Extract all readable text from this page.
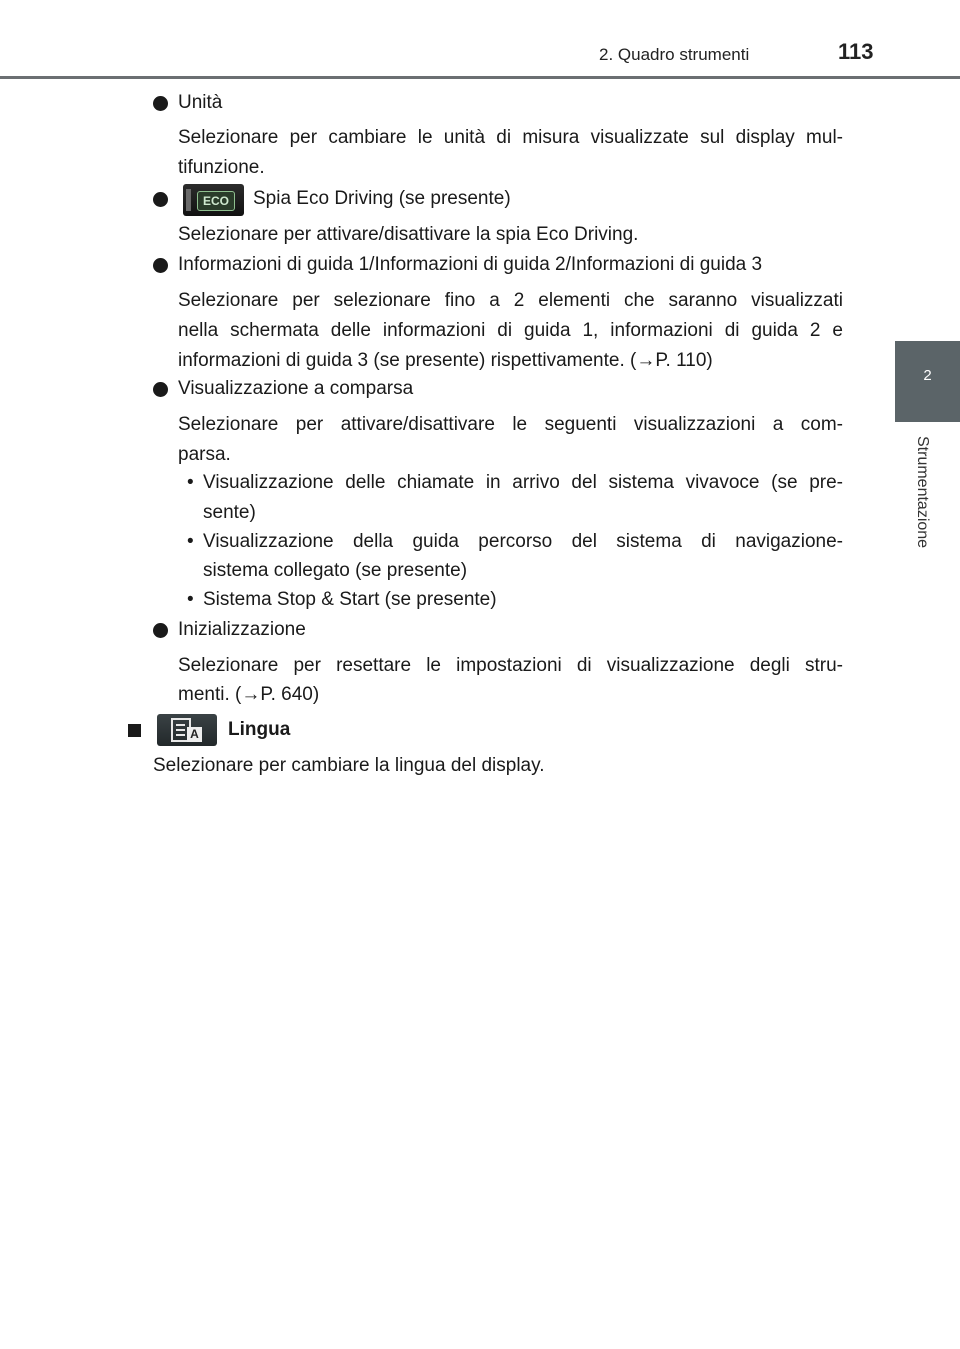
2. Quadro strumenti	113
2
Strumentazione
Unità
Selezionare per cambiare le unità di misura visualizzate sul display mul-
tifunzione.
ECO	Spia Eco Driving (se presente)
Selezionare per attivare/disattivare la spia Eco Driving.
Informazioni di guida 1/Informazioni di guida 2/Informazioni di guida 3
Selezionare per selezionare fino a 2 elementi che saranno visualizzati
nella schermata delle informazioni di guida 1, informazioni di guida 2 e
informazioni di guida 3 (se presente) rispettivamente. (→P. 110)
Visualizzazione a comparsa
Selezionare per attivare/disattivare le seguenti visualizzazioni a com-
parsa.
• Visualizzazione delle chiamate in arrivo del sistema vivavoce (se pre-
sente)
• Visualizzazione della guida percorso del sistema di navigazione-
sistema collegato (se presente)
• Sistema Stop & Start (se presente)
Inizializzazione
Selezionare per resettare le impostazioni di visualizzazione degli stru-
menti. (→P. 640)
A Lingua
Selezionare per cambiare la lingua del display.
